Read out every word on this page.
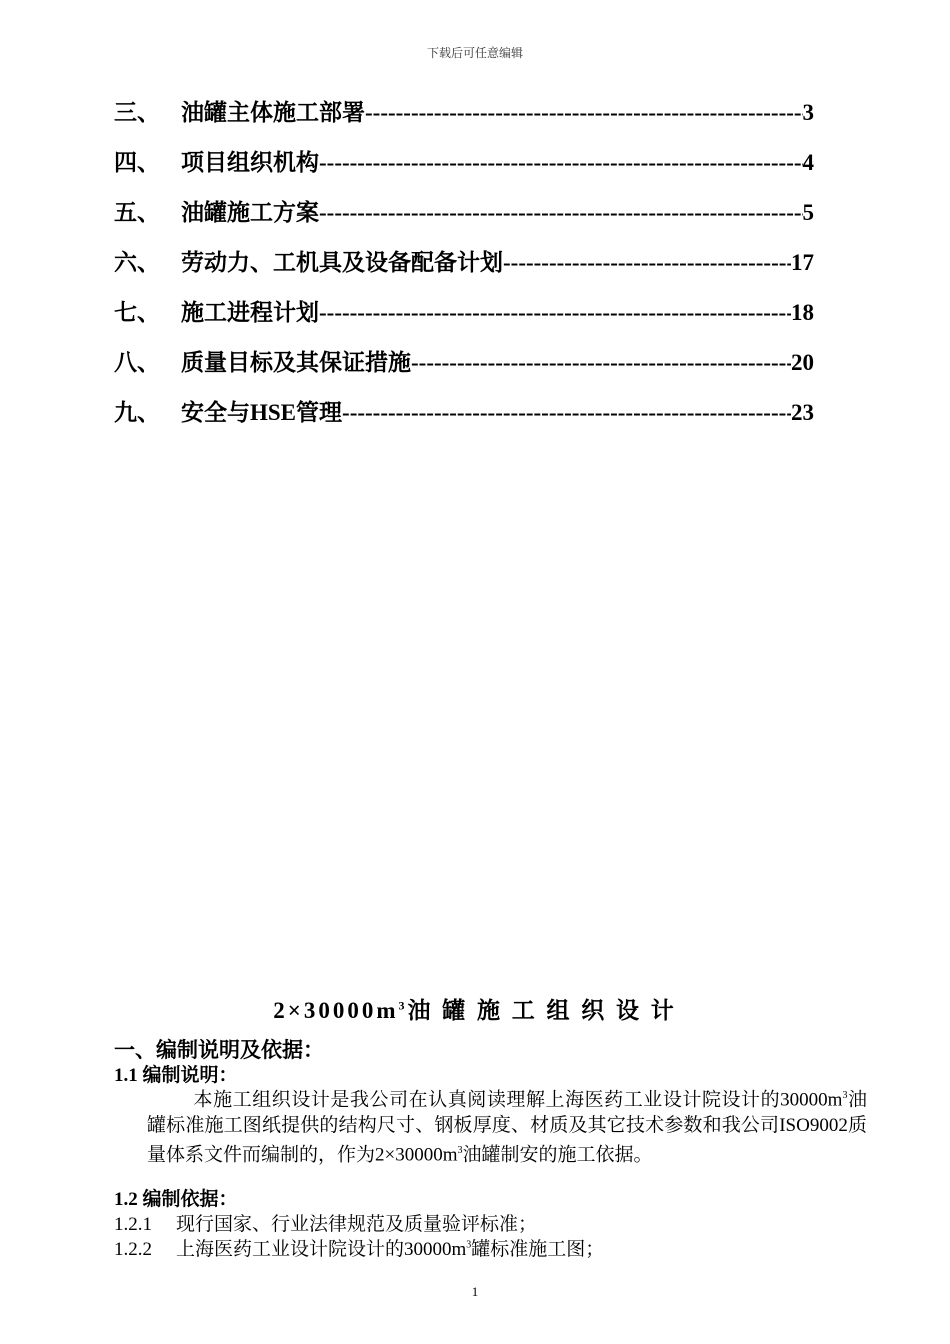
下载后可任意编辑
三、 油罐主体施工部署 -----	3
四、 项目组织机构 -----	4
五、 油罐施工方案 -----	5
六、 劳动力、工机具及设备配备计划 -----	17
七、 施工进程计划 -----	18
八、 质量目标及其保证措施 -----	20
九、 安全与HSE管理 -----	23
$2\times 30000m^3$油 罐 施 工 组 织 设 计
一、编制说明及依据：
1.1 编制说明：
本施工组织设计是我公司在认真阅读理解上海医药工业设计院设计的$30000m^3$油罐标准施工图纸提供的结构尺寸、钢板厚度、材质及其它技术参数和我公司ISO9002质量体系文件而编制的，作为$2\times 30000m^3$油罐制安的施工依据。
1.2 编制依据：
1.2.1 现行国家、行业法律规范及质量验评标准；
1.2.2 上海医药工业设计院设计的$30000m^3$罐标准施工图；
1
